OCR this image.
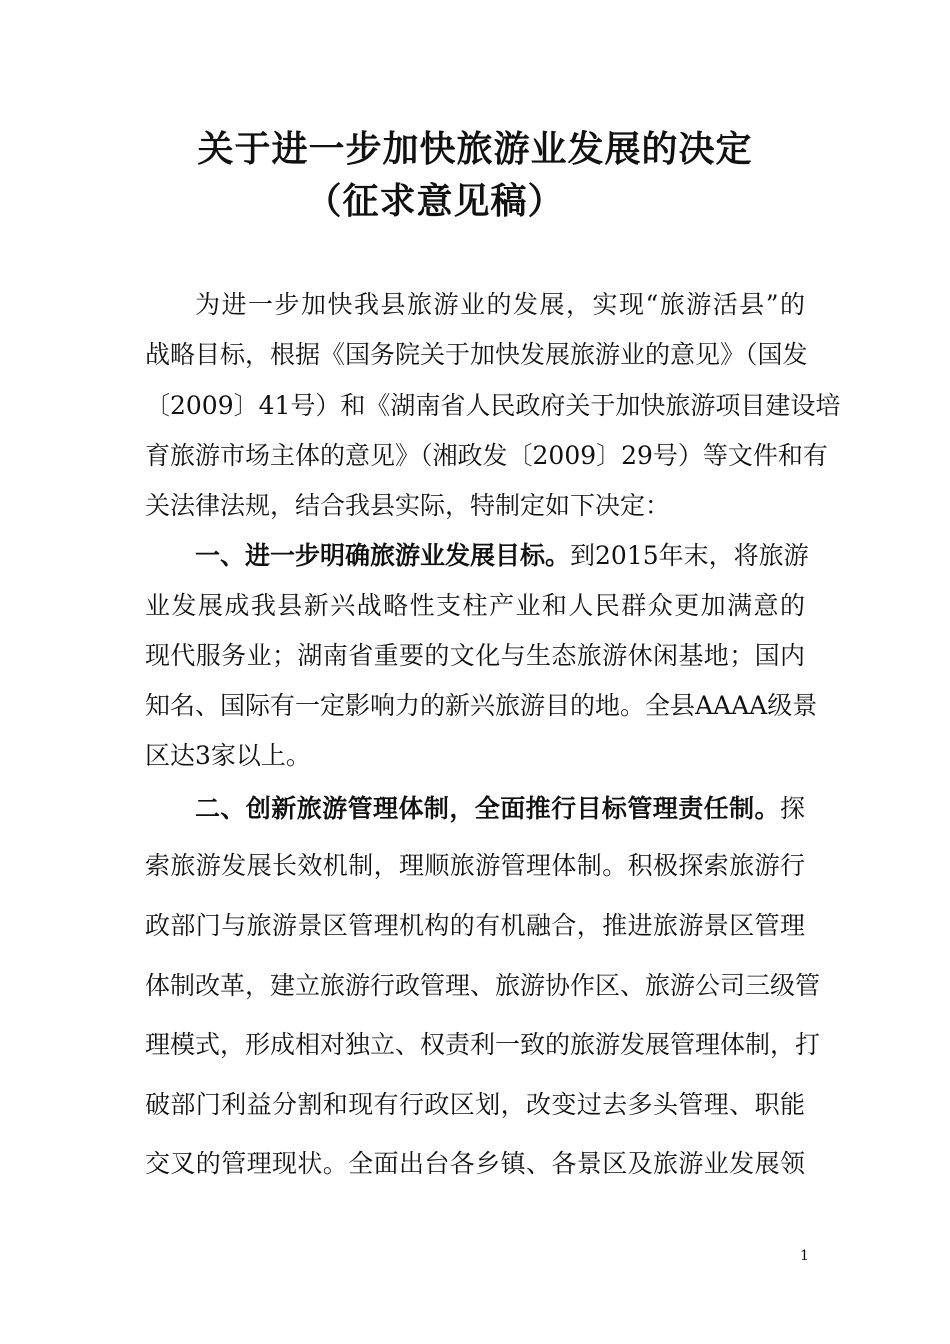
关于进一步加快旅游业发展的决定
（征求意见稿）
为进一步加快我县旅游业的发展，实现“旅游活县”的
战略目标，根据《国务院关于加快发展旅游业的意见》（国发
〔2009〕41号）和《湖南省人民政府关于加快旅游项目建设培
育旅游市场主体的意见》（湘政发〔2009〕29号）等文件和有
关法律法规，结合我县实际，特制定如下决定：
一、进一步明确旅游业发展目标。到2015年末，将旅游
业发展成我县新兴战略性支柱产业和人民群众更加满意的
现代服务业；湖南省重要的文化与生态旅游休闲基地；国内
知名、国际有一定影响力的新兴旅游目的地。全县AAAA级景
区达3家以上。
二、创新旅游管理体制，全面推行目标管理责任制。探
索旅游发展长效机制，理顺旅游管理体制。积极探索旅游行
政部门与旅游景区管理机构的有机融合，推进旅游景区管理
体制改革，建立旅游行政管理、旅游协作区、旅游公司三级管
理模式，形成相对独立、权责利一致的旅游发展管理体制，打
破部门利益分割和现有行政区划，改变过去多头管理、职能
交叉的管理现状。全面出台各乡镇、各景区及旅游业发展领
1
